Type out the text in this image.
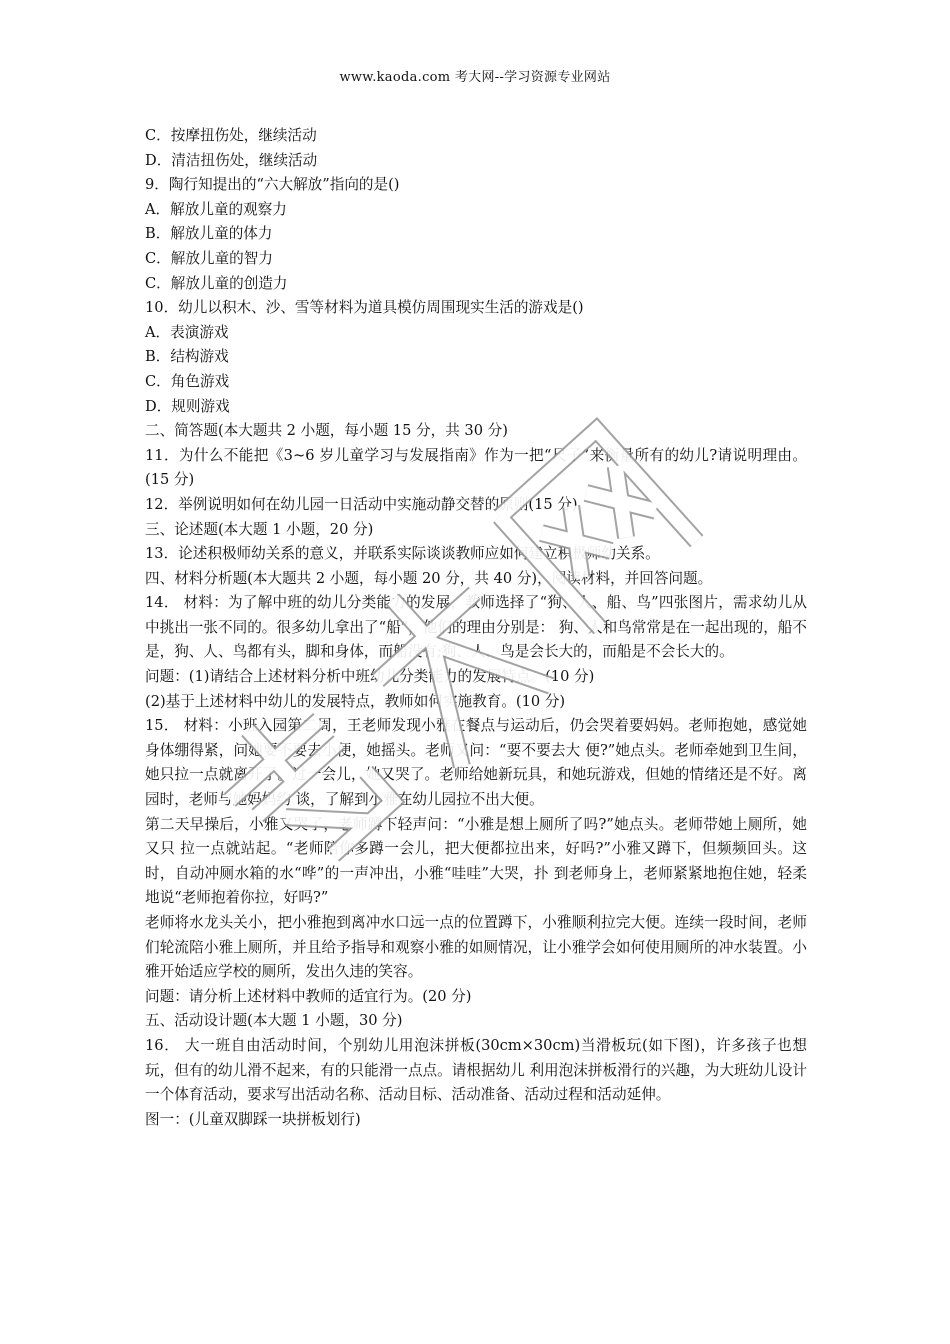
www.kaoda.com 考大网--学习资源专业网站

C．按摩扭伤处，继续活动

D．清洁扭伤处，继续活动

9．陶行知提出的“六大解放”指向的是()

A．解放儿童的观察力

B．解放儿童的体力

C．解放儿童的智力

C．解放儿童的创造力

10．幼儿以积木、沙、雪等材料为道具模仿周围现实生活的游戏是()

A．表演游戏

B．结构游戏

C．角色游戏

D．规则游戏

二、简答题(本大题共 2 小题，每小题 15 分，共 30 分)

11．为什么不能把《3~6 岁儿童学习与发展指南》作为一把“尺子”来衡量所有的幼儿?请说明理由。(15 分)

12．举例说明如何在幼儿园一日活动中实施动静交替的原则(15 分)

三、论述题(本大题 1 小题，20 分)

13．论述积极师幼关系的意义，并联系实际谈谈教师应如何建立积极师幼关系。

四、材料分析题(本大题共 2 小题，每小题 20 分，共 40 分)，阅读材料，并回答问题。

14． 材料：为了解中班的幼儿分类能力的发展，教师选择了“狗、人、船、鸟”四张图片，需求幼儿从中挑出一张不同的。很多幼儿拿出了“船”，他们的理由分别是： 狗、人和鸟常常是在一起出现的，船不是，狗、人、鸟都有头，脚和身体，而船没有;狗、人，鸟是会长大的，而船是不会长大的。

问题：(1)请结合上述材料分析中班幼儿分类能力的发展特点。(10 分)

(2)基于上述材料中幼儿的发展特点，教师如何实施教育。(10 分)

15． 材料：小班入园第二周，王老师发现小雅在餐点与运动后，仍会哭着要妈妈。老师抱她，感觉她身体绷得紧，问她要不要去小便，她摇头。老师又问：“要不要去大 便?”她点头。老师牵她到卫生间，她只拉一点就离开了。过一会儿，她又哭了。老师给她新玩具，和她玩游戏，但她的情绪还是不好。离园时，老师与她妈妈约 谈，了解到小雅在幼儿园拉不出大便。

第二天早操后，小雅又哭了，老师蹲下轻声问：“小雅是想上厕所了吗?”她点头。老师带她上厕所，她又只 拉一点就站起。“老师陪你多蹲一会儿，把大便都拉出来，好吗?”小雅又蹲下，但频频回头。这时，自动冲厕水箱的水“哗”的一声冲出，小雅“哇哇”大哭，扑 到老师身上，老师紧紧地抱住她，轻柔地说“老师抱着你拉，好吗?”

老师将水龙头关小，把小雅抱到离冲水口远一点的位置蹲下，小雅顺利拉完大便。连续一段时间，老师们轮流陪小雅上厕所，并且给予指导和观察小雅的如厕情况，让小雅学会如何使用厕所的冲水装置。小雅开始适应学校的厕所，发出久违的笑容。

问题：请分析上述材料中教师的适宜行为。(20 分)

五、活动设计题(本大题 1 小题，30 分)

16． 大一班自由活动时间，个别幼儿用泡沫拼板(30cm×30cm)当滑板玩(如下图)，许多孩子也想玩，但有的幼儿滑不起来，有的只能滑一点点。请根据幼儿 利用泡沫拼板滑行的兴趣，为大班幼儿设计一个体育活动，要求写出活动名称、活动目标、活动准备、活动过程和活动延伸。

图一：(儿童双脚踩一块拼板划行)
